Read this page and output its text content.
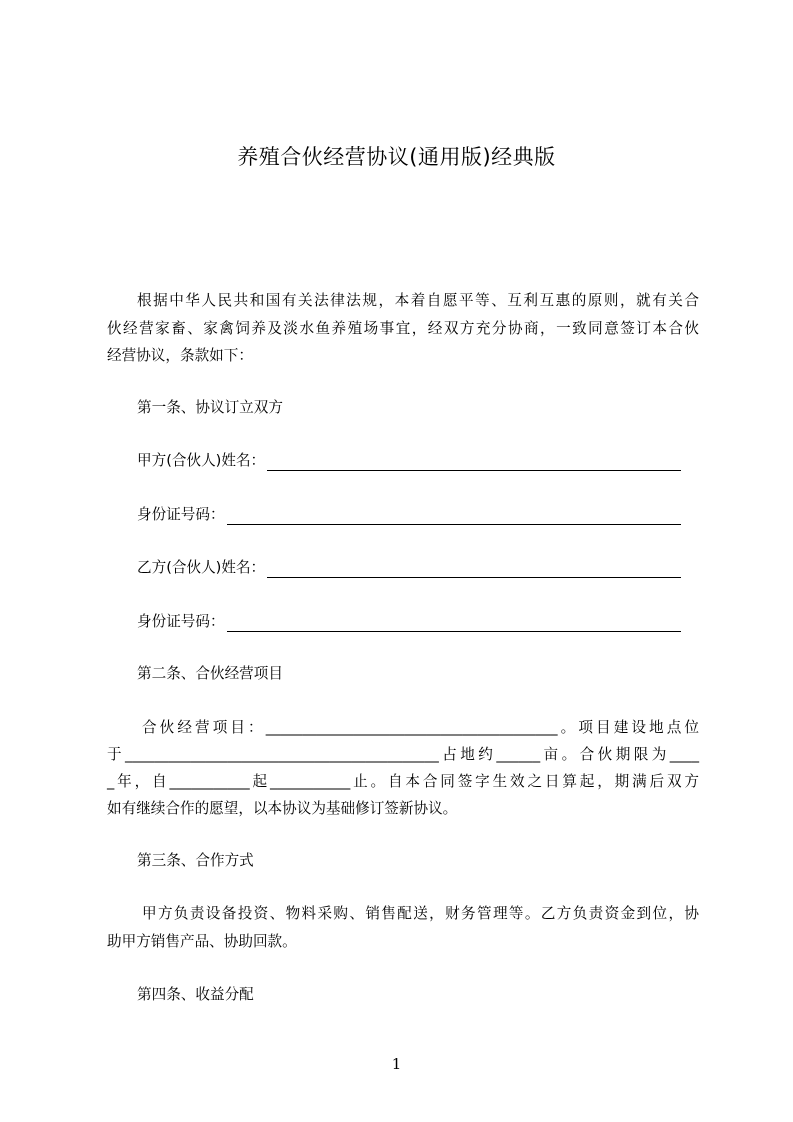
养殖合伙经营协议(通用版)经典版
根据中华人民共和国有关法律法规，本着自愿平等、互利互惠的原则，就有关合
伙经营家畜、家禽饲养及淡水鱼养殖场事宜，经双方充分协商，一致同意签订本合伙
经营协议，条款如下：
第一条、协议订立双方
甲方(合伙人)姓名：
身份证号码：
乙方(合伙人)姓名：
身份证号码：
第二条、合伙经营项目
合伙经营项目：________________________________________。项目建设地点位
于___________________________________________占地约______亩。合伙期限为____
_年，自___________起___________止。自本合同签字生效之日算起，期满后双方
如有继续合作的愿望，以本协议为基础修订签新协议。
第三条、合作方式
甲方负责设备投资、物料采购、销售配送，财务管理等。乙方负责资金到位，协
助甲方销售产品、协助回款。
第四条、收益分配
1
